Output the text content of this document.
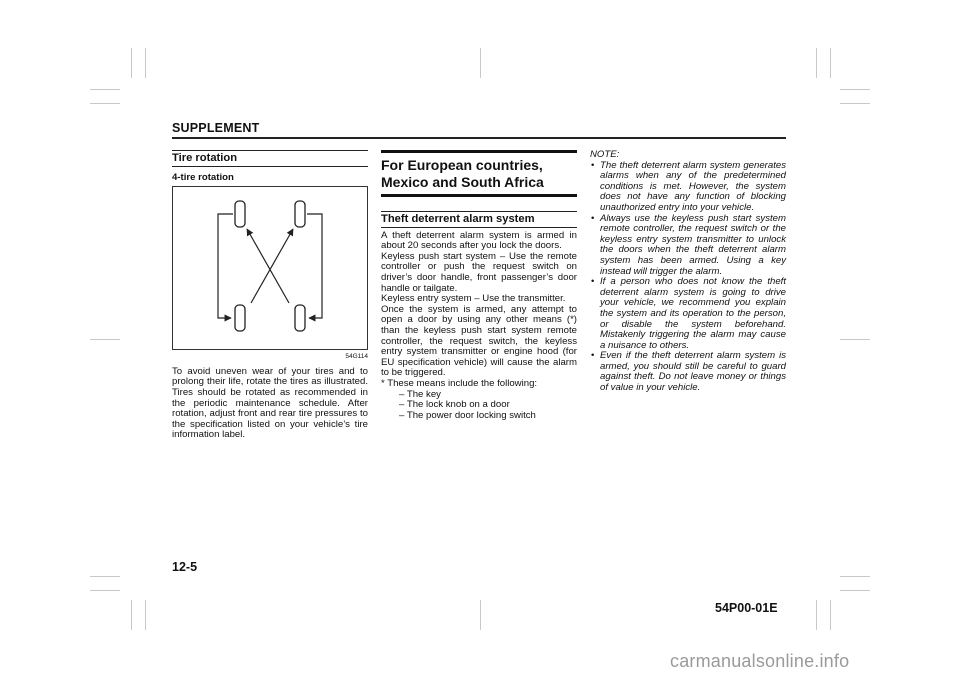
SUPPLEMENT
Tire rotation
4-tire rotation
54G114

To avoid uneven wear of your tires and to prolong their life, rotate the tires as illustrated. Tires should be rotated as recommended in the periodic maintenance schedule. After rotation, adjust front and rear tire pressures to the specification listed on your vehicle’s tire information label.

For European countries, Mexico and South Africa
Theft deterrent alarm system

A theft deterrent alarm system is armed in about 20 seconds after you lock the doors.

Keyless push start system – Use the remote controller or push the request switch on driver’s door handle, front passenger’s door handle or tailgate.

Keyless entry system – Use the transmitter.

Once the system is armed, any attempt to open a door by using any other means (*) than the keyless push start system remote controller, the request switch, the keyless entry system transmitter or engine hood (for EU specification vehicle) will cause the alarm to be triggered.

* These means include the following:

– The key
– The lock knob on a door
– The power door locking switch
NOTE:
• The theft deterrent alarm system generates alarms when any of the predetermined conditions is met. However, the system does not have any function of blocking unauthorized entry into your vehicle.
• Always use the keyless push start system remote controller, the request switch or the keyless entry system transmitter to unlock the doors when the theft deterrent alarm system has been armed. Using a key instead will trigger the alarm.
• If a person who does not know the theft deterrent alarm system is going to drive your vehicle, we recommend you explain the system and its operation to the person, or disable the system beforehand. Mistakenly triggering the alarm may cause a nuisance to others.
• Even if the theft deterrent alarm system is armed, you should still be careful to guard against theft. Do not leave money or things of value in your vehicle.
12-5
54P00-01E
carmanualsonline.info
